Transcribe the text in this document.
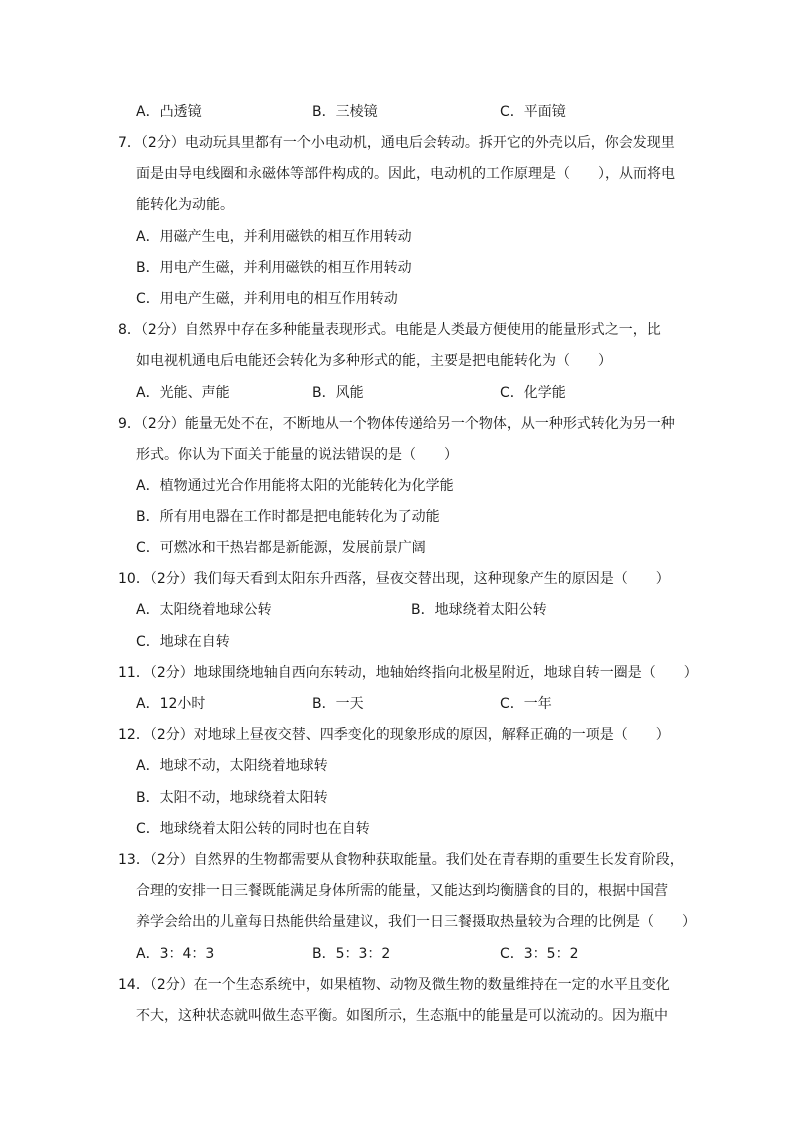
A．凸透镜	B．三棱镜	C．平面镜
7．（2分）电动玩具里都有一个小电动机，通电后会转动。拆开它的外壳以后，你会发现里
面是由导电线圈和永磁体等部件构成的。因此，电动机的工作原理是（　　），从而将电
能转化为动能。
A．用磁产生电，并利用磁铁的相互作用转动
B．用电产生磁，并利用磁铁的相互作用转动
C．用电产生磁，并利用电的相互作用转动
8．（2分）自然界中存在多种能量表现形式。电能是人类最方便使用的能量形式之一，比
如电视机通电后电能还会转化为多种形式的能，主要是把电能转化为（　　）
A．光能、声能	B．风能	C．化学能
9．（2分）能量无处不在，不断地从一个物体传递给另一个物体，从一种形式转化为另一种
形式。你认为下面关于能量的说法错误的是（　　）
A．植物通过光合作用能将太阳的光能转化为化学能
B．所有用电器在工作时都是把电能转化为了动能
C．可燃冰和干热岩都是新能源，发展前景广阔
10．（2分）我们每天看到太阳东升西落，昼夜交替出现，这种现象产生的原因是（　　）
A．太阳绕着地球公转	B．地球绕着太阳公转
C．地球在自转
11．（2分）地球围绕地轴自西向东转动，地轴始终指向北极星附近，地球自转一圈是（　　）
A．12小时	B．一天	C．一年
12．（2分）对地球上昼夜交替、四季变化的现象形成的原因，解释正确的一项是（　　）
A．地球不动，太阳绕着地球转
B．太阳不动，地球绕着太阳转
C．地球绕着太阳公转的同时也在自转
13．（2分）自然界的生物都需要从食物种获取能量。我们处在青春期的重要生长发育阶段，
合理的安排一日三餐既能满足身体所需的能量，又能达到均衡膳食的目的，根据中国营
养学会给出的儿童每日热能供给量建议，我们一日三餐摄取热量较为合理的比例是（　　）
A．3：4：3	B．5：3：2	C．3：5：2
14．（2分）在一个生态系统中，如果植物、动物及微生物的数量维持在一定的水平且变化
不大，这种状态就叫做生态平衡。如图所示，生态瓶中的能量是可以流动的。因为瓶中
